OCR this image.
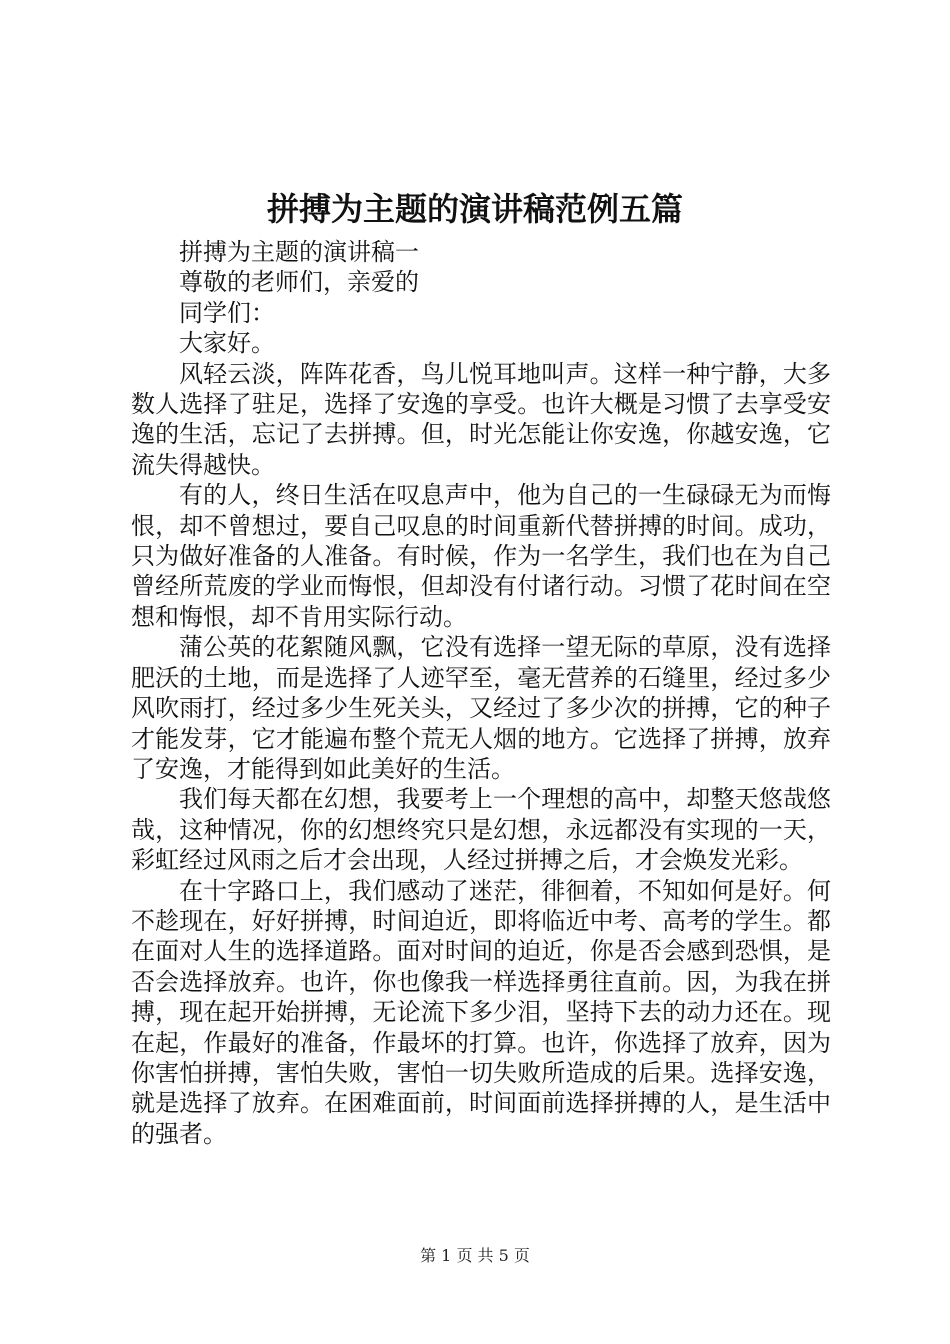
拼搏为主题的演讲稿范例五篇

拼搏为主题的演讲稿一

尊敬的老师们，亲爱的

同学们：

大家好。

风轻云淡，阵阵花香，鸟儿悦耳地叫声。这样一种宁静，大多数人选择了驻足，选择了安逸的享受。也许大概是习惯了去享受安逸的生活，忘记了去拼搏。但，时光怎能让你安逸，你越安逸，它流失得越快。

有的人，终日生活在叹息声中，他为自己的一生碌碌无为而悔恨，却不曾想过，要自己叹息的时间重新代替拼搏的时间。成功，只为做好准备的人准备。有时候，作为一名学生，我们也在为自己曾经所荒废的学业而悔恨，但却没有付诸行动。习惯了花时间在空想和悔恨，却不肯用实际行动。

蒲公英的花絮随风飘，它没有选择一望无际的草原，没有选择肥沃的土地，而是选择了人迹罕至，毫无营养的石缝里，经过多少风吹雨打，经过多少生死关头，又经过了多少次的拼搏，它的种子才能发芽，它才能遍布整个荒无人烟的地方。它选择了拼搏，放弃了安逸，才能得到如此美好的生活。

我们每天都在幻想，我要考上一个理想的高中，却整天悠哉悠哉，这种情况，你的幻想终究只是幻想，永远都没有实现的一天，彩虹经过风雨之后才会出现，人经过拼搏之后，才会焕发光彩。

在十字路口上，我们感动了迷茫，徘徊着，不知如何是好。何不趁现在，好好拼搏，时间迫近，即将临近中考、高考的学生。都在面对人生的选择道路。面对时间的迫近，你是否会感到恐惧，是否会选择放弃。也许，你也像我一样选择勇往直前。因，为我在拼搏，现在起开始拼搏，无论流下多少泪，坚持下去的动力还在。现在起，作最好的准备，作最坏的打算。也许，你选择了放弃，因为你害怕拼搏，害怕失败，害怕一切失败所造成的后果。选择安逸，就是选择了放弃。在困难面前，时间面前选择拼搏的人，是生活中的强者。

第 1 页 共 5 页
